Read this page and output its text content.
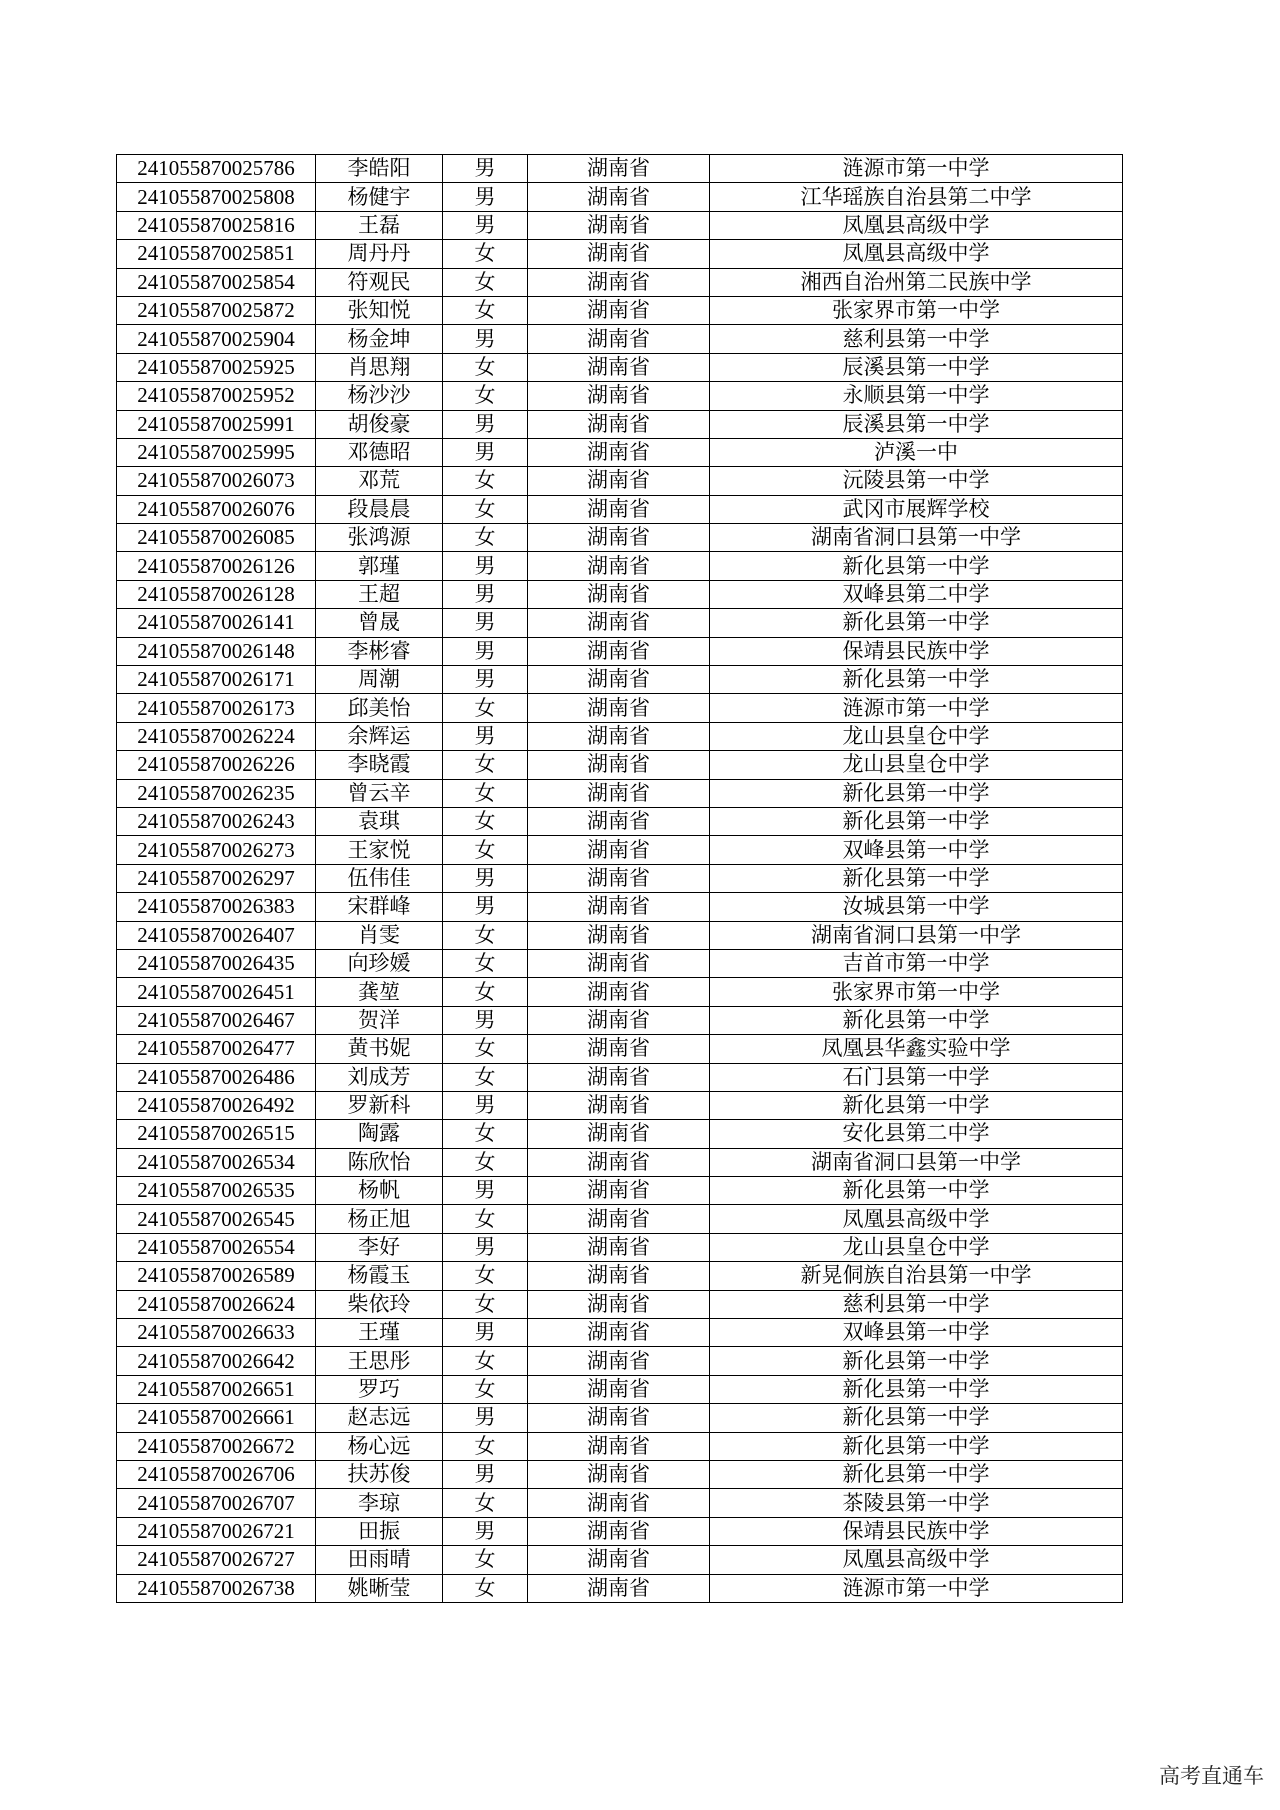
241055870025786	李皓阳	男	湖南省	涟源市第一中学
241055870025808	杨健宇	男	湖南省	江华瑶族自治县第二中学
241055870025816	王磊	男	湖南省	凤凰县高级中学
241055870025851	周丹丹	女	湖南省	凤凰县高级中学
241055870025854	符观民	女	湖南省	湘西自治州第二民族中学
241055870025872	张知悦	女	湖南省	张家界市第一中学
241055870025904	杨金坤	男	湖南省	慈利县第一中学
241055870025925	肖思翔	女	湖南省	辰溪县第一中学
241055870025952	杨沙沙	女	湖南省	永顺县第一中学
241055870025991	胡俊豪	男	湖南省	辰溪县第一中学
241055870025995	邓德昭	男	湖南省	泸溪一中
241055870026073	邓荒	女	湖南省	沅陵县第一中学
241055870026076	段晨晨	女	湖南省	武冈市展辉学校
241055870026085	张鸿源	女	湖南省	湖南省洞口县第一中学
241055870026126	郭瑾	男	湖南省	新化县第一中学
241055870026128	王超	男	湖南省	双峰县第二中学
241055870026141	曾晟	男	湖南省	新化县第一中学
241055870026148	李彬睿	男	湖南省	保靖县民族中学
241055870026171	周潮	男	湖南省	新化县第一中学
241055870026173	邱美怡	女	湖南省	涟源市第一中学
241055870026224	余辉运	男	湖南省	龙山县皇仓中学
241055870026226	李晓霞	女	湖南省	龙山县皇仓中学
241055870026235	曾云辛	女	湖南省	新化县第一中学
241055870026243	袁琪	女	湖南省	新化县第一中学
241055870026273	王家悦	女	湖南省	双峰县第一中学
241055870026297	伍伟佳	男	湖南省	新化县第一中学
241055870026383	宋群峰	男	湖南省	汝城县第一中学
241055870026407	肖雯	女	湖南省	湖南省洞口县第一中学
241055870026435	向珍媛	女	湖南省	吉首市第一中学
241055870026451	龚堃	女	湖南省	张家界市第一中学
241055870026467	贺洋	男	湖南省	新化县第一中学
241055870026477	黄书妮	女	湖南省	凤凰县华鑫实验中学
241055870026486	刘成芳	女	湖南省	石门县第一中学
241055870026492	罗新科	男	湖南省	新化县第一中学
241055870026515	陶露	女	湖南省	安化县第二中学
241055870026534	陈欣怡	女	湖南省	湖南省洞口县第一中学
241055870026535	杨帆	男	湖南省	新化县第一中学
241055870026545	杨正旭	女	湖南省	凤凰县高级中学
241055870026554	李好	男	湖南省	龙山县皇仓中学
241055870026589	杨霞玉	女	湖南省	新晃侗族自治县第一中学
241055870026624	柴依玲	女	湖南省	慈利县第一中学
241055870026633	王瑾	男	湖南省	双峰县第一中学
241055870026642	王思彤	女	湖南省	新化县第一中学
241055870026651	罗巧	女	湖南省	新化县第一中学
241055870026661	赵志远	男	湖南省	新化县第一中学
241055870026672	杨心远	女	湖南省	新化县第一中学
241055870026706	扶苏俊	男	湖南省	新化县第一中学
241055870026707	李琼	女	湖南省	茶陵县第一中学
241055870026721	田振	男	湖南省	保靖县民族中学
241055870026727	田雨晴	女	湖南省	凤凰县高级中学
241055870026738	姚晰莹	女	湖南省	涟源市第一中学
高考直通车
